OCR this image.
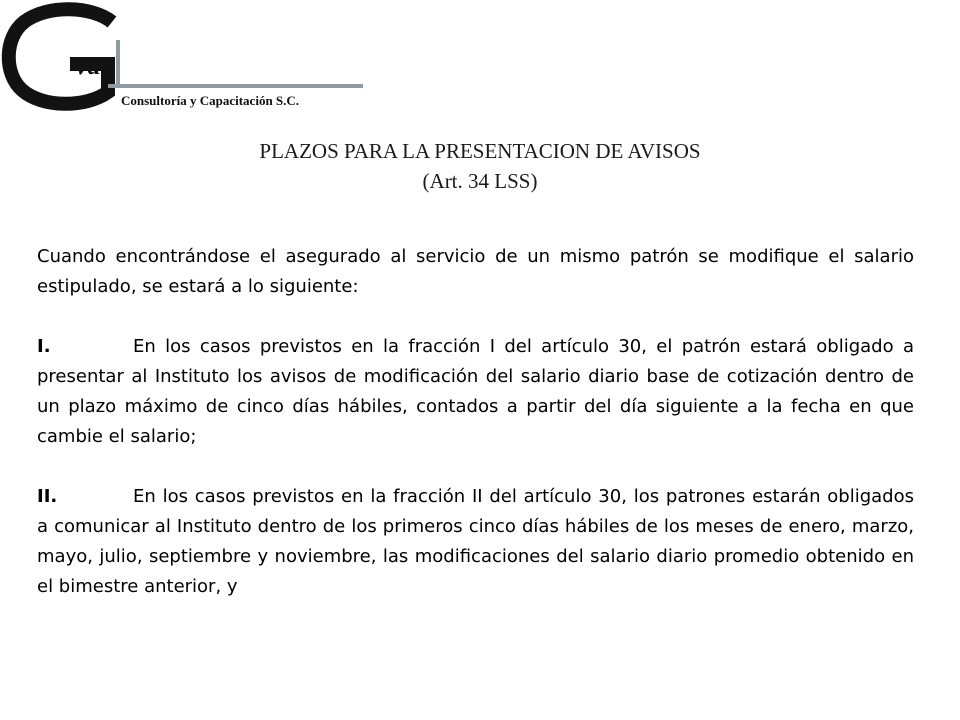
va
Consultoría y Capacitación S.C.
PLAZOS PARA LA PRESENTACION DE AVISOS
(Art. 34 LSS)

Cuando encontrándose el asegurado al servicio de un mismo patrón se modifique el salario estipulado, se estará a lo siguiente:

I.	En los casos previstos en la fracción I del artículo 30, el patrón estará obligado a presentar al Instituto los avisos de modificación del salario diario base de cotización dentro de un plazo máximo de cinco días hábiles, contados a partir del día siguiente a la fecha en que cambie el salario;

II.	En los casos previstos en la fracción II del artículo 30, los patrones estarán obligados a comunicar al Instituto dentro de los primeros cinco días hábiles de los meses de enero, marzo, mayo, julio, septiembre y noviembre, las modificaciones del salario diario promedio obtenido en el bimestre anterior, y
